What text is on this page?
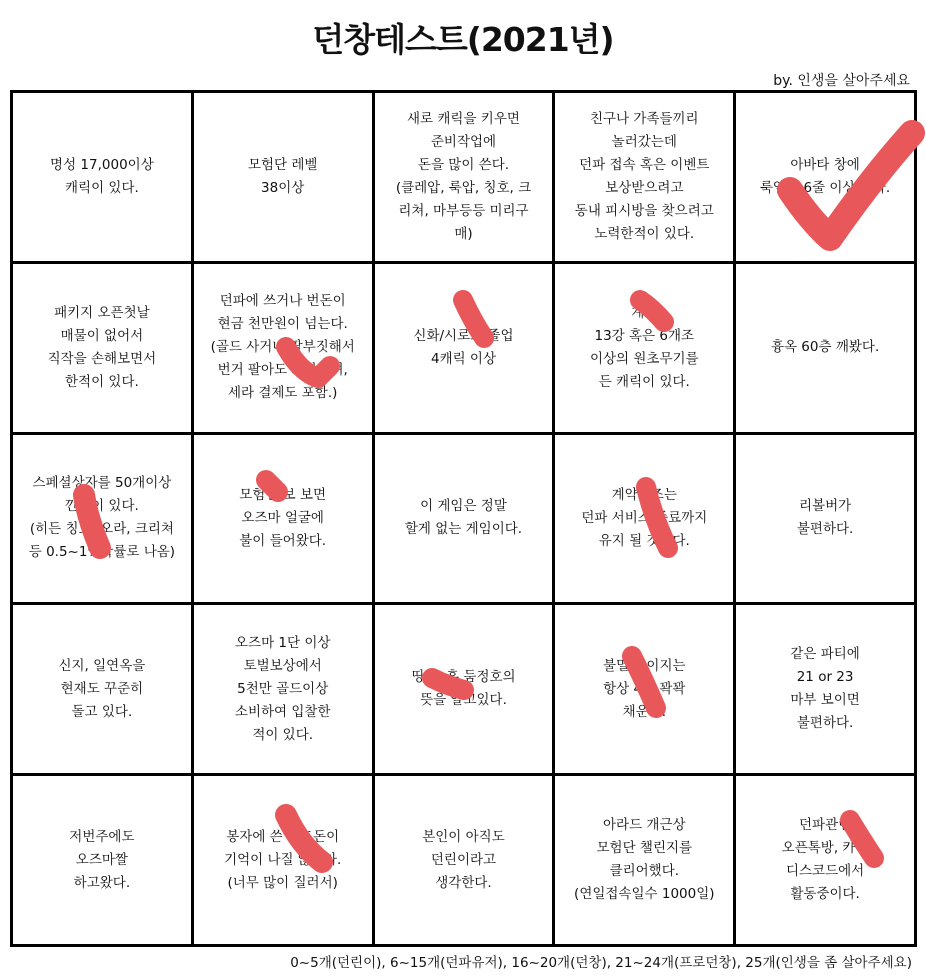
던창테스트(2021년)
by. 인생을 살아주세요
명성 17,000이상
캐릭이 있다.
모험단 레벨
38이상
새로 캐릭을 키우면
준비작업에
돈을 많이 쓴다.
(클레압, 룩압, 칭호, 크
리쳐, 마부등등 미리구
매)
친구나 가족들끼리
놀러갔는데
던파 접속 혹은 이벤트
보상받으려고
동내 피시방을 찾으려고
노력한적이 있다.
아바타 창에
룩압이 6줄 이상 있다.
패키지 오픈첫날
매물이 없어서
직작을 손해보면서
한적이 있다.
던파에 쓰거나 번돈이
현금 천만원이 넘는다.
(골드 사거나 팔부짓해서
번거 팔아도 포함되며,
세라 결제도 포함.)
신화/시로코 졸업
4캐릭 이상
계약
13강 혹은 6개조
이상의 원초무기를
든 캐릭이 있다.
흉옥 60층 깨봤다.
스페셜상자를 50개이상
깐적이 있다.
(히든 칭호, 오라, 크리쳐
등 0.5~1%확률로 나옴)
모험단 보 보면
오즈마 얼굴에
불이 들어왔다.
이 게임은 정말
할게 없는 게임이다.
계약시즈는
던파 서비스 종료까지
유지 될 것이다.
리볼버가
불편하다.
신지, 일연옥을
현재도 꾸준히
돌고 있다.
오즈마 1단 이상
토벌보상에서
5천만 골드이상
소비하여 입찰한
적이 있다.
띵진, 흑 둠정호의
뜻을 알고있다.
불멸의 이지는
항상 4개 꽉꽉
채운다.
같은 파티에
21 or 23
마부 보이면
불편하다.
저번주에도
오즈마짤
하고왔다.
봉자에 쓴 골드돈이
기억이 나질 않는다.
(너무 많이 질러서)
본인이 아직도
던린이라고
생각한다.
아라드 개근상
모험단 챌린지를
클리어했다.
(연일접속일수 1000일)
던파관련
오픈톡방, 카페
디스코드에서
활동중이다.
0~5개(던린이), 6~15개(던파유저), 16~20개(던창), 21~24개(프로던창), 25개(인생을 좀 살아주세요)
